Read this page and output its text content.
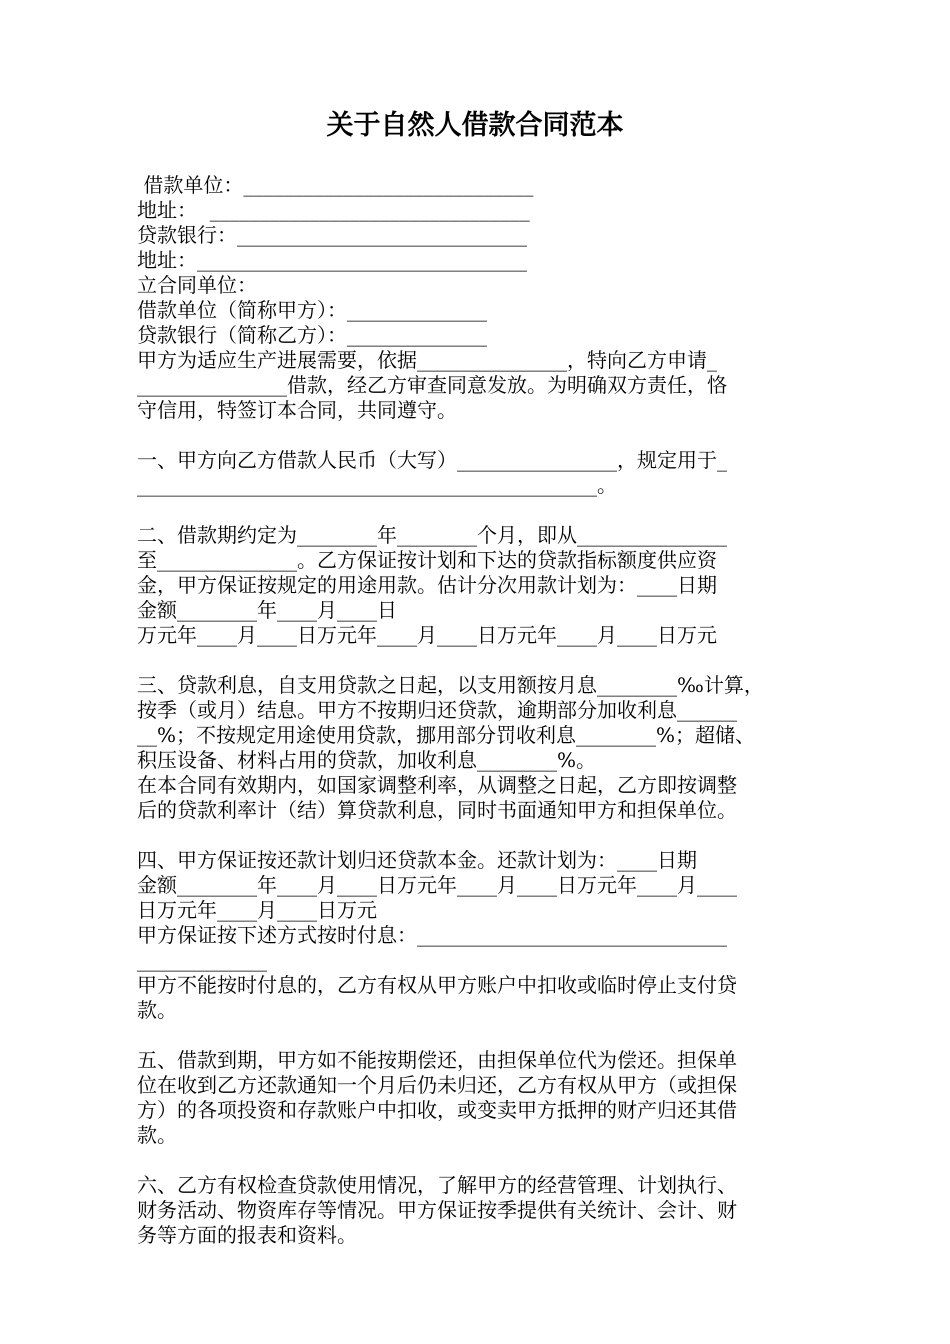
关于自然人借款合同范本
借款单位：_____________________________
地址：  ________________________________
贷款银行：_____________________________
地址：_________________________________
立合同单位：
借款单位（简称甲方）：______________
贷款银行（简称乙方）：______________
甲方为适应生产进展需要，依据_______________，特向乙方申请_
_______________借款，经乙方审查同意发放。为明确双方责任，恪
守信用，特签订本合同，共同遵守。
一、甲方向乙方借款人民币（大写）________________，规定用于_
______________________________________________。
二、借款期约定为________年________个月，即从_______________
至______________。乙方保证按计划和下达的贷款指标额度供应资
金，甲方保证按规定的用途用款。估计分次用款计划为：____日期
金额________年____月____日
万元年____月____日万元年____月____日万元年____月____日万元
三、贷款利息，自支用贷款之日起，以支用额按月息________‰计算，
按季（或月）结息。甲方不按期归还贷款，逾期部分加收利息______
__%；不按规定用途使用贷款，挪用部分罚收利息________%；超储、
积压设备、材料占用的贷款，加收利息________%。
在本合同有效期内，如国家调整利率，从调整之日起，乙方即按调整
后的贷款利率计（结）算贷款利息，同时书面通知甲方和担保单位。
四、甲方保证按还款计划归还贷款本金。还款计划为：____日期
金额________年____月____日万元年____月____日万元年____月____
日万元年____月____日万元
甲方保证按下述方式按时付息：_______________________________
_____________
甲方不能按时付息的，乙方有权从甲方账户中扣收或临时停止支付贷
款。
五、借款到期，甲方如不能按期偿还，由担保单位代为偿还。担保单
位在收到乙方还款通知一个月后仍未归还，乙方有权从甲方（或担保
方）的各项投资和存款账户中扣收，或变卖甲方抵押的财产归还其借
款。
六、乙方有权检查贷款使用情况，了解甲方的经营管理、计划执行、
财务活动、物资库存等情况。甲方保证按季提供有关统计、会计、财
务等方面的报表和资料。
